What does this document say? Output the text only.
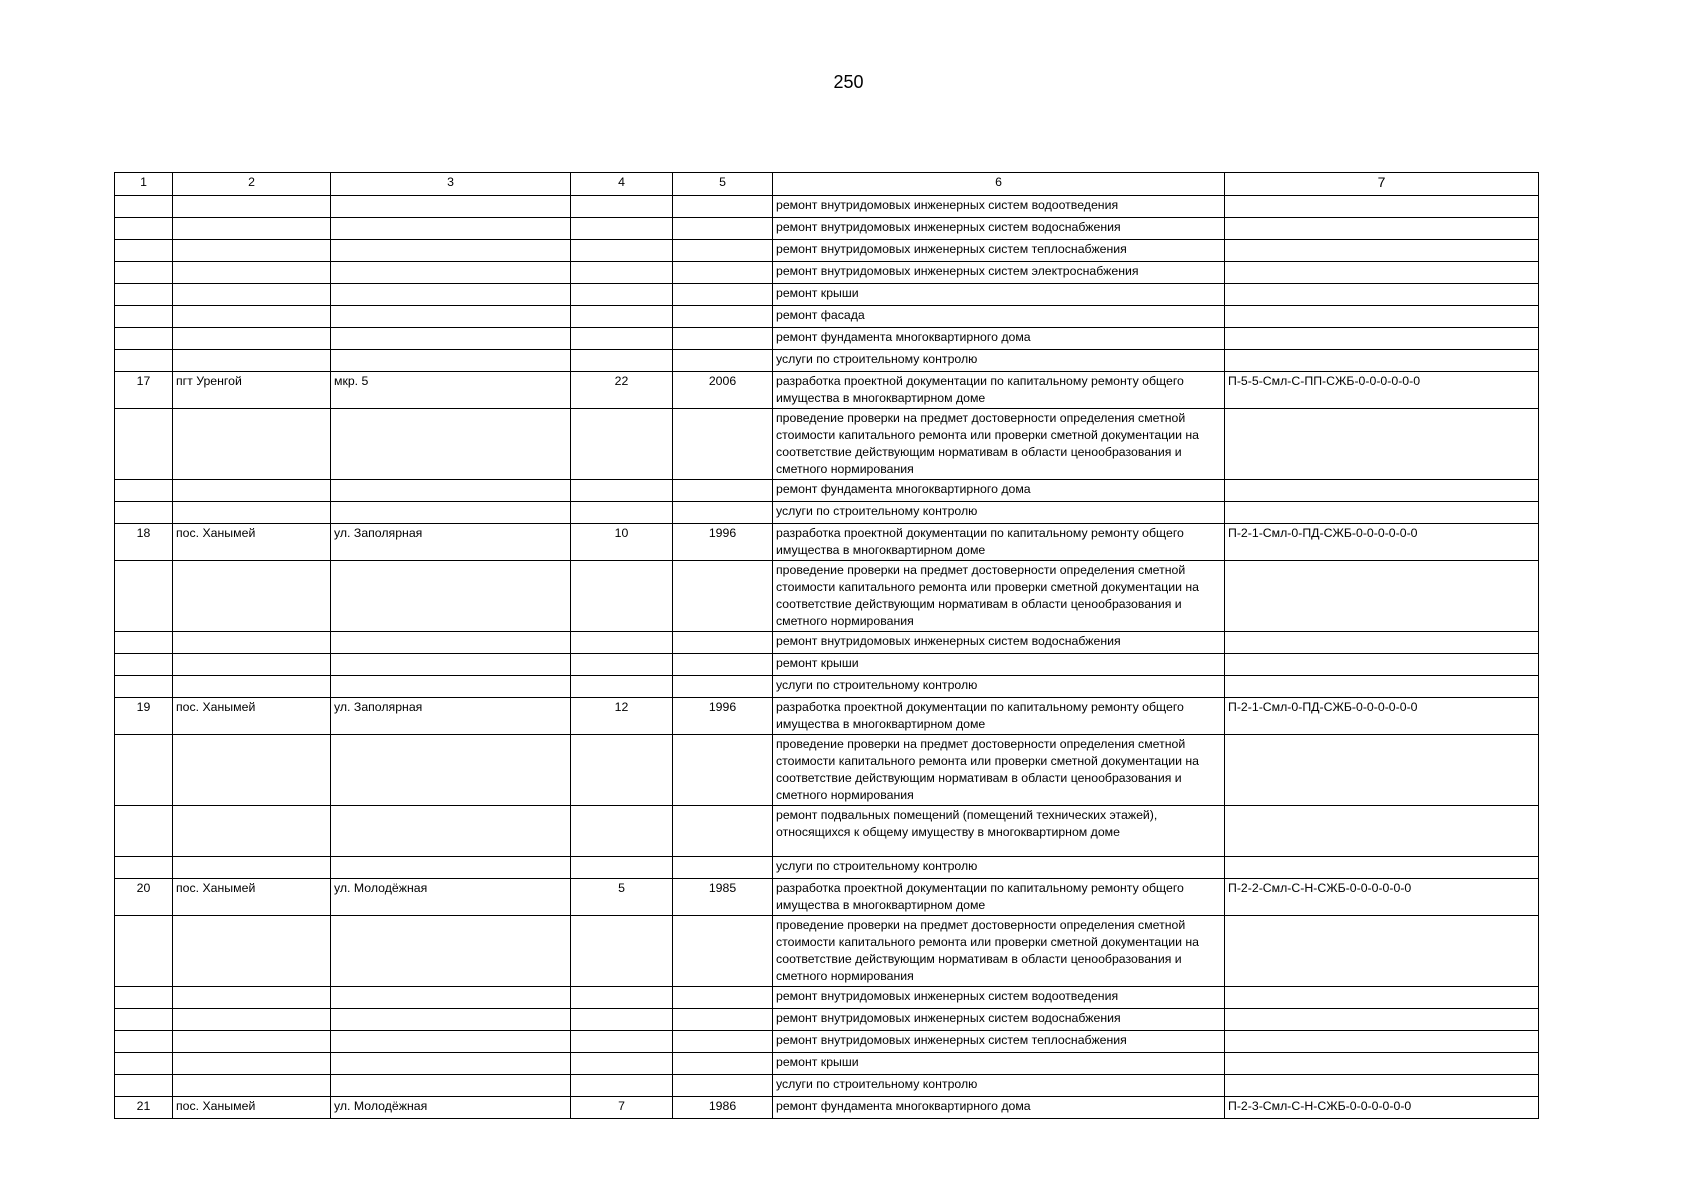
250
1	2	3	4	5	6	7
					ремонт внутридомовых инженерных систем водоотведения	
					ремонт внутридомовых инженерных систем водоснабжения	
					ремонт внутридомовых инженерных систем теплоснабжения	
					ремонт внутридомовых инженерных систем электроснабжения	
					ремонт крыши	
					ремонт фасада	
					ремонт фундамента многоквартирного дома	
					услуги по строительному контролю	
17	пгт Уренгой	мкр. 5	22	2006	разработка проектной документации по капитальному ремонту общего имущества в многоквартирном доме	П-5-5-Смл-С-ПП-СЖБ-0-0-0-0-0-0
					проведение проверки на предмет достоверности определения сметной стоимости капитального ремонта или проверки сметной документации на соответствие действующим нормативам в области ценообразования и сметного нормирования	
					ремонт фундамента многоквартирного дома	
					услуги по строительному контролю	
18	пос. Ханымей	ул. Заполярная	10	1996	разработка проектной документации по капитальному ремонту общего имущества в многоквартирном доме	П-2-1-Смл-0-ПД-СЖБ-0-0-0-0-0-0
					проведение проверки на предмет достоверности определения сметной стоимости капитального ремонта или проверки сметной документации на соответствие действующим нормативам в области ценообразования и сметного нормирования	
					ремонт внутридомовых инженерных систем водоснабжения	
					ремонт крыши	
					услуги по строительному контролю	
19	пос. Ханымей	ул. Заполярная	12	1996	разработка проектной документации по капитальному ремонту общего имущества в многоквартирном доме	П-2-1-Смл-0-ПД-СЖБ-0-0-0-0-0-0
					проведение проверки на предмет достоверности определения сметной стоимости капитального ремонта или проверки сметной документации на соответствие действующим нормативам в области ценообразования и сметного нормирования	
					ремонт подвальных помещений (помещений технических этажей), относящихся к общему имуществу в многоквартирном доме	
					услуги по строительному контролю	
20	пос. Ханымей	ул. Молодёжная	5	1985	разработка проектной документации по капитальному ремонту общего имущества в многоквартирном доме	П-2-2-Смл-С-Н-СЖБ-0-0-0-0-0-0
					проведение проверки на предмет достоверности определения сметной стоимости капитального ремонта или проверки сметной документации на соответствие действующим нормативам в области ценообразования и сметного нормирования	
					ремонт внутридомовых инженерных систем водоотведения	
					ремонт внутридомовых инженерных систем водоснабжения	
					ремонт внутридомовых инженерных систем теплоснабжения	
					ремонт крыши	
					услуги по строительному контролю	
21	пос. Ханымей	ул. Молодёжная	7	1986	ремонт фундамента многоквартирного дома	П-2-3-Смл-С-Н-СЖБ-0-0-0-0-0-0
